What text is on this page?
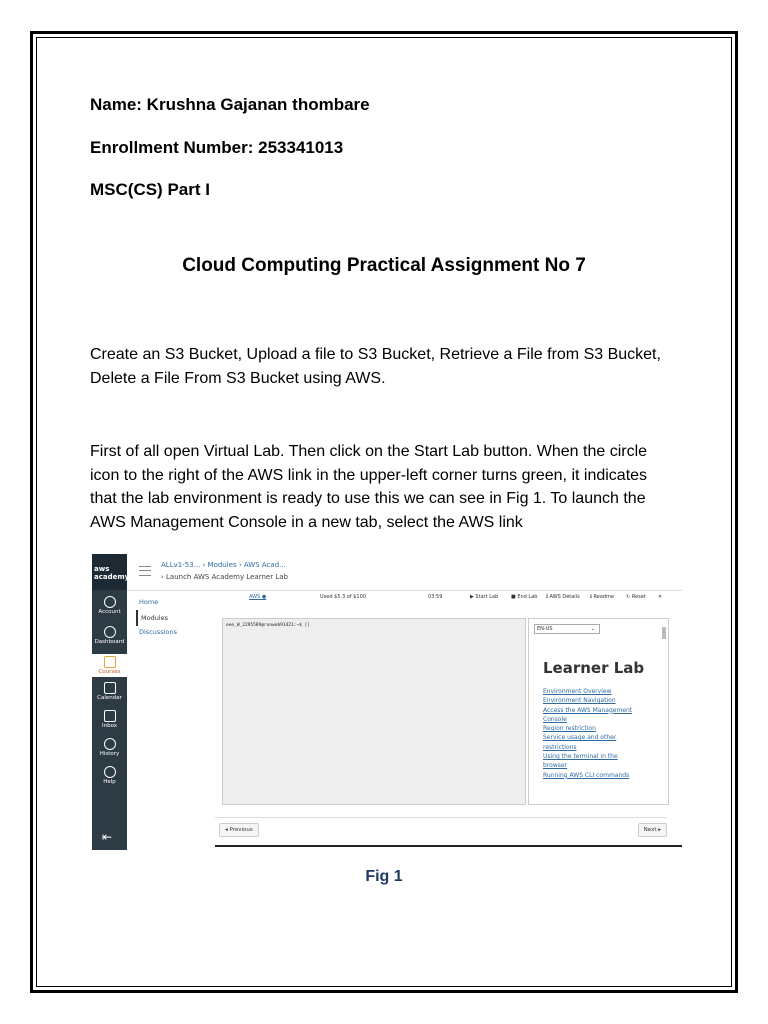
Name: Krushna Gajanan thombare
Enrollment Number: 253341013
MSC(CS) Part I
Cloud Computing Practical Assignment No 7
Create an S3 Bucket, Upload a file to S3 Bucket, Retrieve a File from S3 Bucket,
Delete a File From S3 Bucket using AWS.
First of all open Virtual Lab. Then click on the Start Lab button. When the circle
icon to the right of the AWS link in the upper-left corner turns green, it indicates
that the lab environment is ready to use this we can see in Fig 1. To launch the
AWS Management Console in a new tab, select the AWS link
aws academy
Account
Dashboard
Courses
Calendar
Inbox
History
Help
⇤
ALLv1-53... › Modules › AWS Acad...
› Launch AWS Academy Learner Lab
Home
Modules
Discussions
AWS ●	Used $5.3 of $100	03:59	▶ Start Lab	■ End Lab ℹ AWS Details ℹ Readme ↻ Reset ✕
eee_W_2295589@runweb91421:~$ []
EN-US	⌄
Learner Lab
Environment Overview
Environment Navigation
Access the AWS Management
Console
Region restriction
Service usage and other
restrictions
Using the terminal in the
browser
Running AWS CLI commands
◂ Previous	Next ▸
Fig 1
